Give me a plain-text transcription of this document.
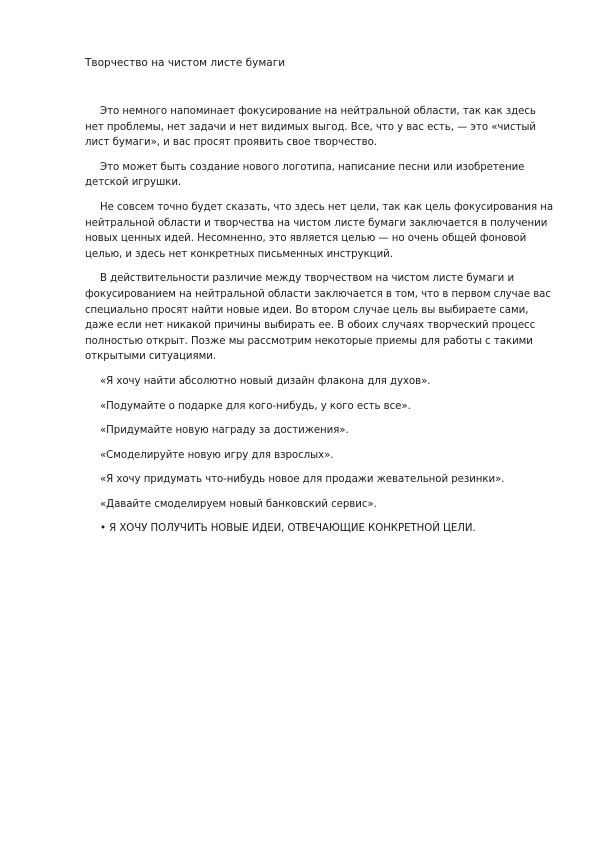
Творчество на чистом листе бумаги

Это немного напоминает фокусирование на нейтральной области, так как здесь нет проблемы, нет задачи и нет видимых выгод. Все, что у вас есть, — это «чистый лист бумаги», и вас просят проявить свое творчество.

Это может быть создание нового логотипа, написание песни или изобретение детской игрушки.

Не совсем точно будет сказать, что здесь нет цели, так как цель фокусирования на нейтральной области и творчества на чистом листе бумаги заключается в получении новых ценных идей. Несомненно, это является целью — но очень общей фоновой целью, и здесь нет конкретных письменных инструкций.

В действительности различие между творчеством на чистом листе бумаги и фокусированием на нейтральной области заключается в том, что в первом случае вас специально просят найти новые идеи. Во втором случае цель вы выбираете сами, даже если нет никакой причины выбирать ее. В обоих случаях творческий процесс полностью открыт. Позже мы рассмотрим некоторые приемы для работы с такими открытыми ситуациями.

«Я хочу найти абсолютно новый дизайн флакона для духов».

«Подумайте о подарке для кого-нибудь, у кого есть все».

«Придумайте новую награду за достижения».

«Смоделируйте новую игру для взрослых».

«Я хочу придумать что-нибудь новое для продажи жевательной резинки».

«Давайте смоделируем новый банковский сервис».

• Я ХОЧУ ПОЛУЧИТЬ НОВЫЕ ИДЕИ, ОТВЕЧАЮЩИЕ КОНКРЕТНОЙ ЦЕЛИ.
